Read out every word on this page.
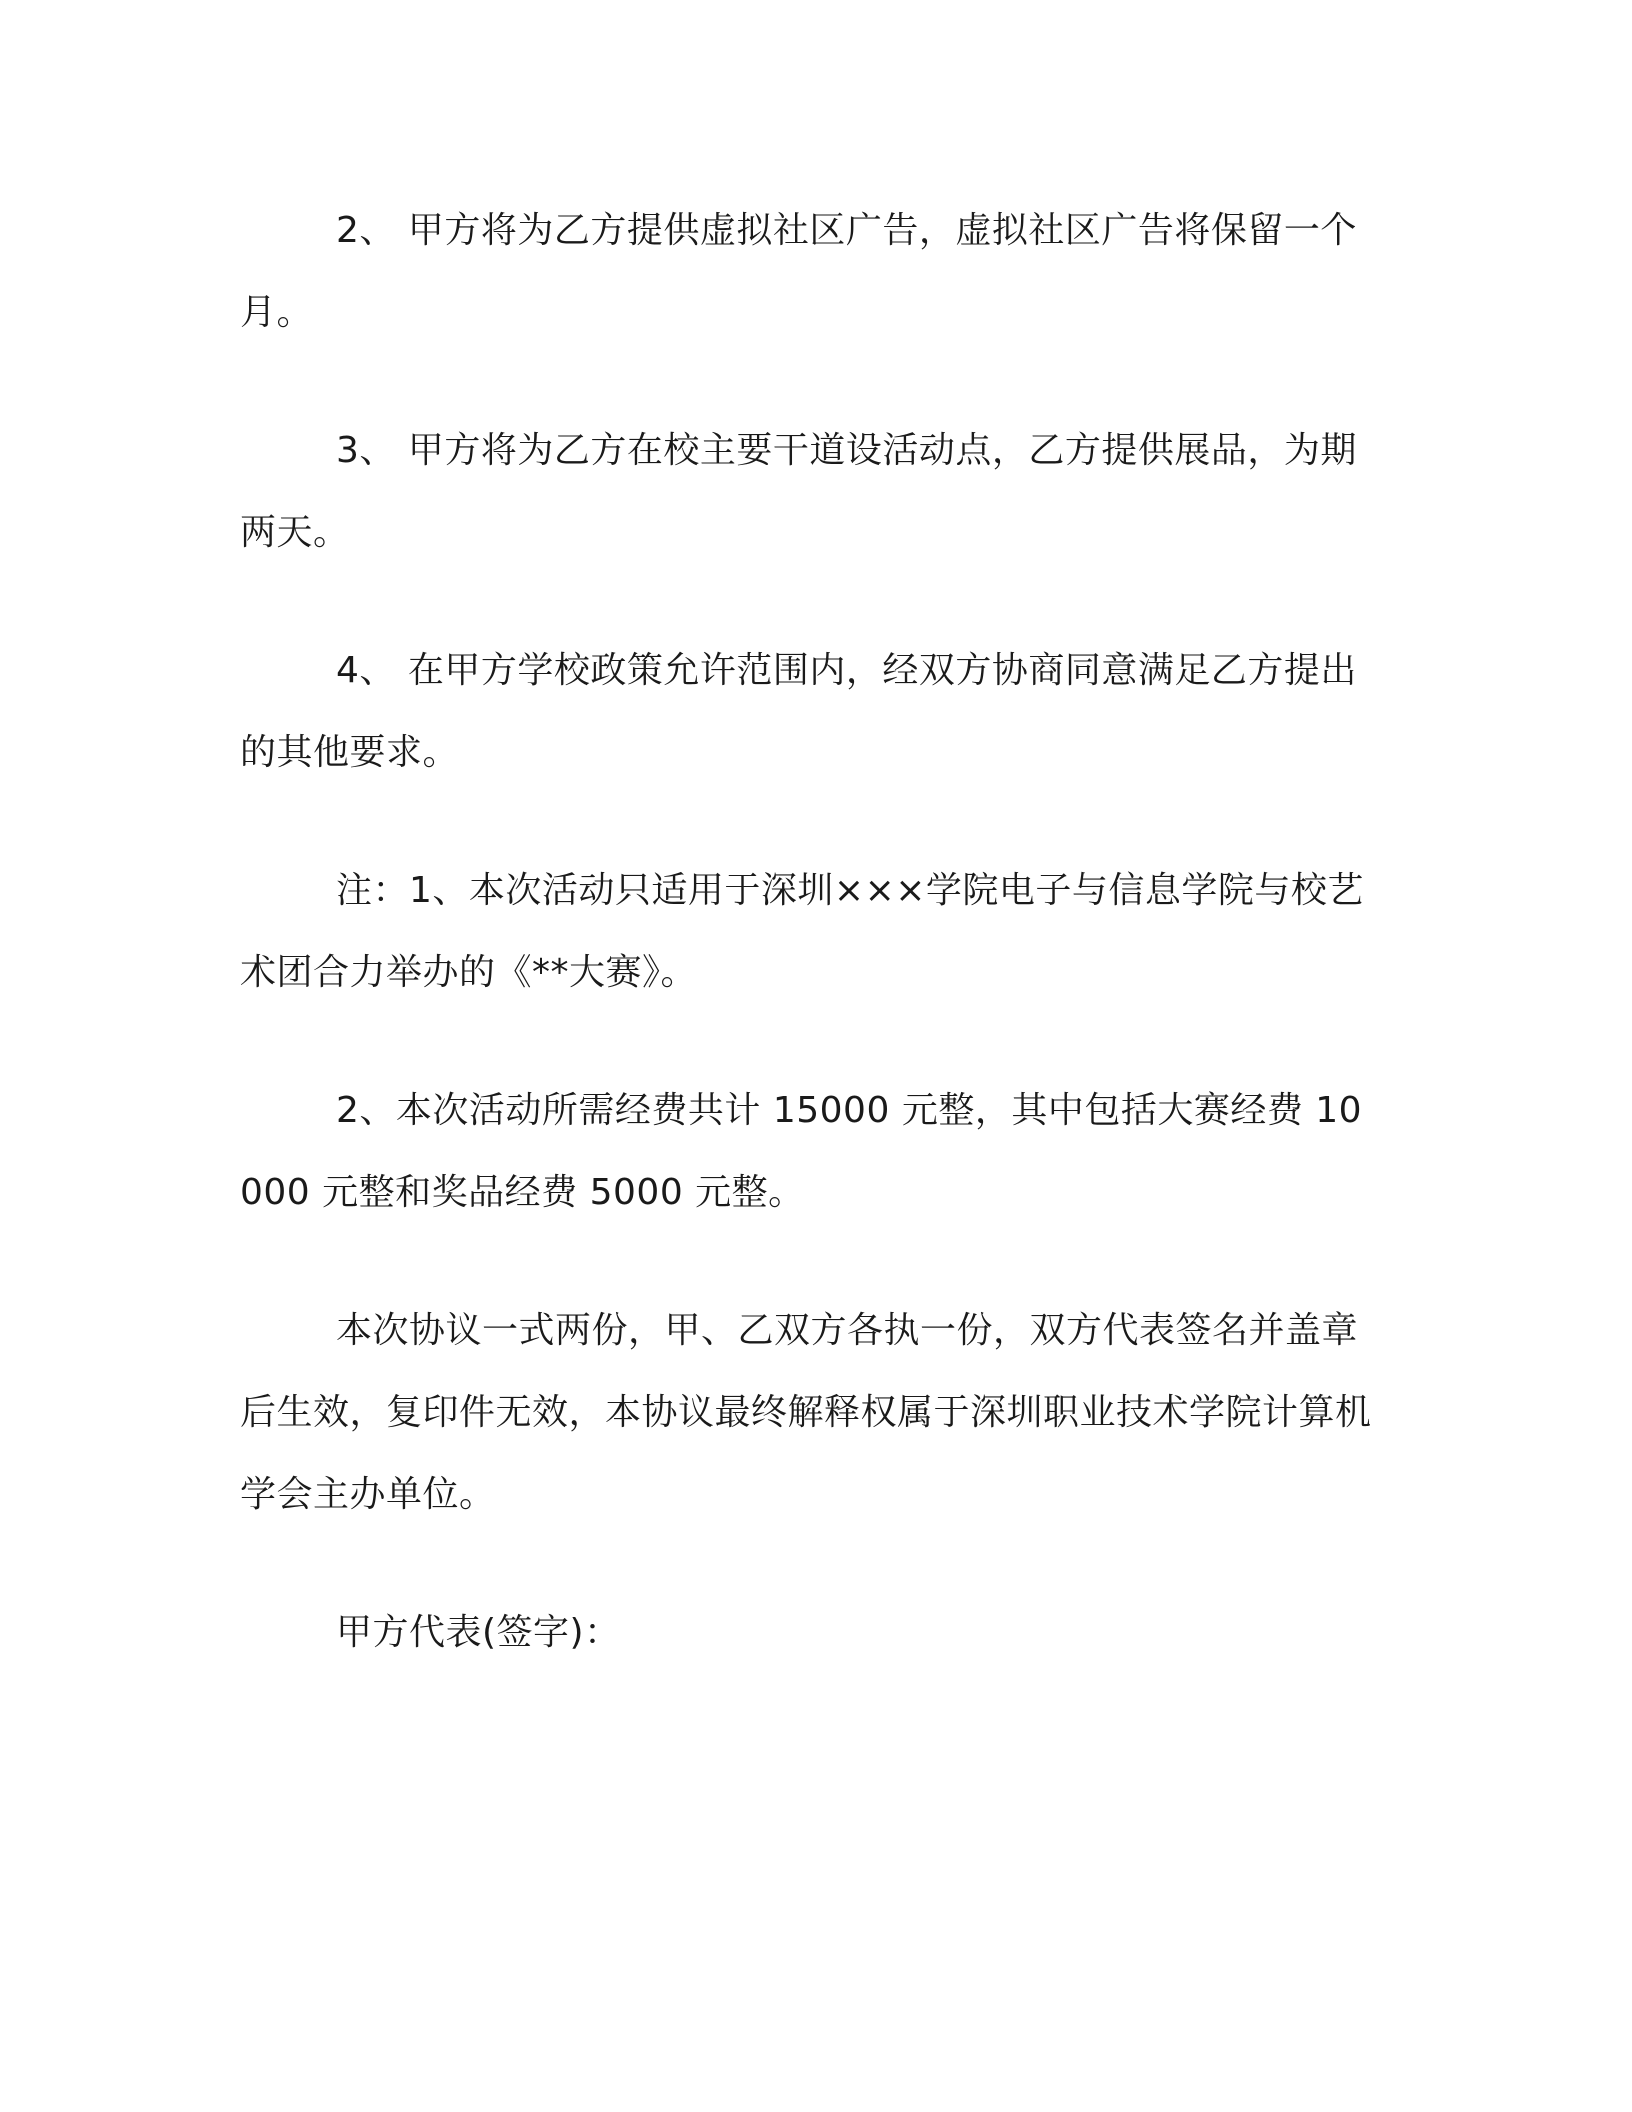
2、 甲方将为乙方提供虚拟社区广告，虚拟社区广告将保留一个月。

3、 甲方将为乙方在校主要干道设活动点，乙方提供展品，为期两天。

4、 在甲方学校政策允许范围内，经双方协商同意满足乙方提出的其他要求。

注：1、本次活动只适用于深圳×××学院电子与信息学院与校艺术团合力举办的《**大赛》。

2、本次活动所需经费共计 15000 元整，其中包括大赛经费 10000 元整和奖品经费 5000 元整。

本次协议一式两份，甲、乙双方各执一份，双方代表签名并盖章后生效，复印件无效，本协议最终解释权属于深圳职业技术学院计算机学会主办单位。

甲方代表(签字)：
